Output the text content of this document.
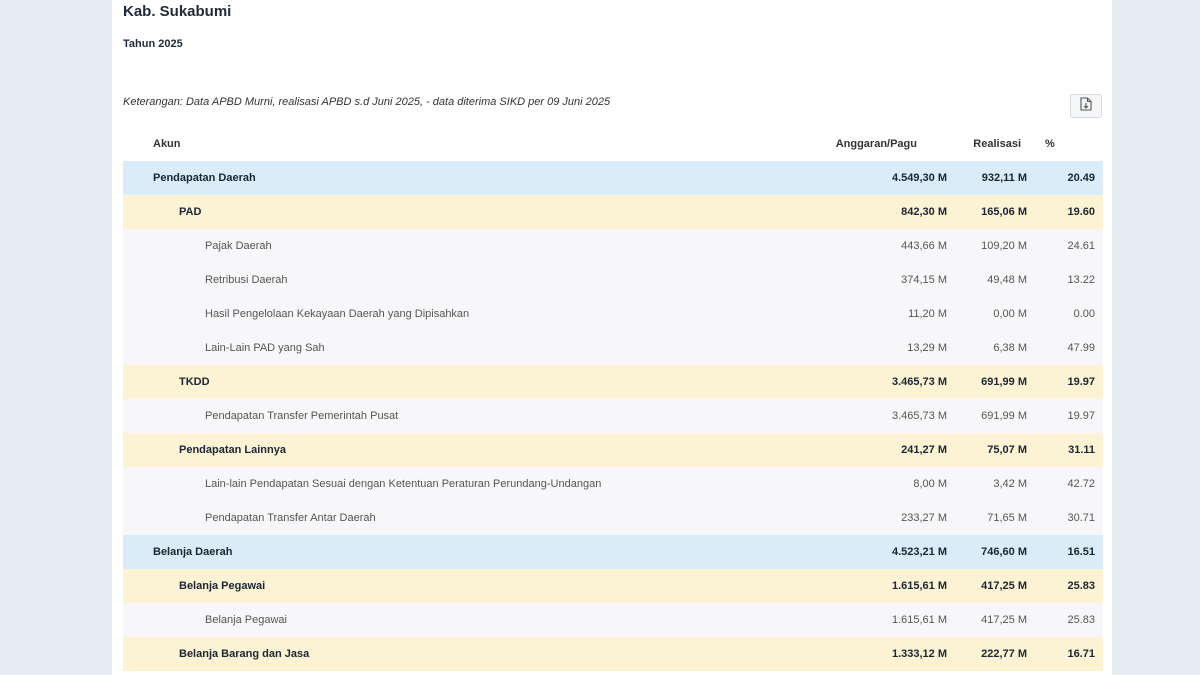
Kab. Sukabumi
Tahun 2025
Keterangan: Data APBD Murni, realisasi APBD s.d Juni 2025, - data diterima SIKD per 09 Juni 2025
Akun	Anggaran/Pagu	Realisasi	%
Pendapatan Daerah	4.549,30 M	932,11 M	20.49
PAD	842,30 M	165,06 M	19.60
Pajak Daerah	443,66 M	109,20 M	24.61
Retribusi Daerah	374,15 M	49,48 M	13.22
Hasil Pengelolaan Kekayaan Daerah yang Dipisahkan	11,20 M	0,00 M	0.00
Lain-Lain PAD yang Sah	13,29 M	6,38 M	47.99
TKDD	3.465,73 M	691,99 M	19.97
Pendapatan Transfer Pemerintah Pusat	3.465,73 M	691,99 M	19.97
Pendapatan Lainnya	241,27 M	75,07 M	31.11
Lain-lain Pendapatan Sesuai dengan Ketentuan Peraturan Perundang-Undangan	8,00 M	3,42 M	42.72
Pendapatan Transfer Antar Daerah	233,27 M	71,65 M	30.71
Belanja Daerah	4.523,21 M	746,60 M	16.51
Belanja Pegawai	1.615,61 M	417,25 M	25.83
Belanja Pegawai	1.615,61 M	417,25 M	25.83
Belanja Barang dan Jasa	1.333,12 M	222,77 M	16.71
